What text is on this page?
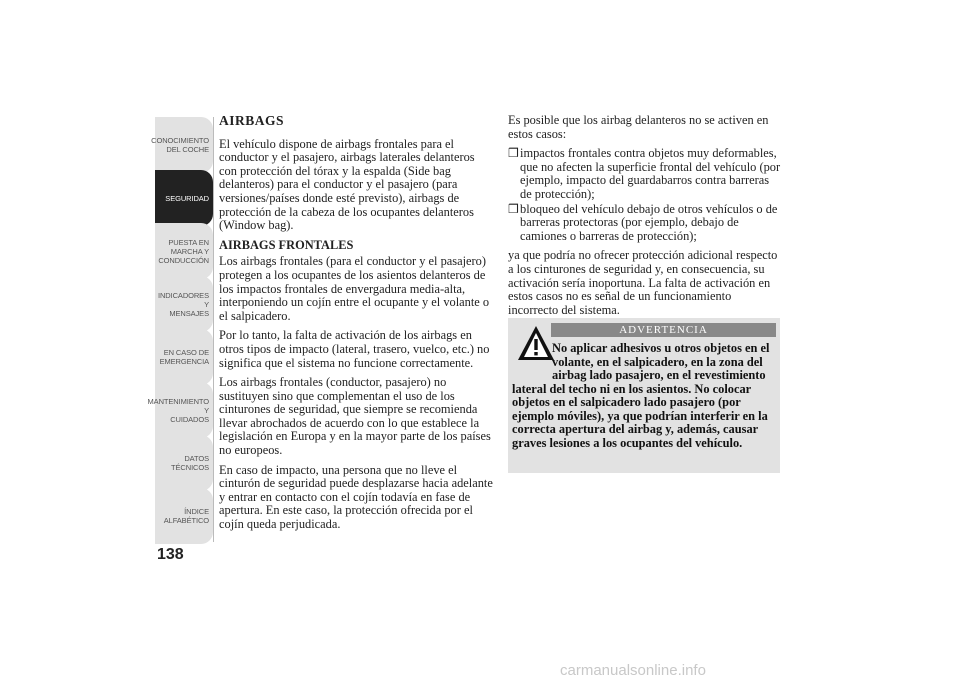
CONOCIMIENTO
DEL COCHE
SEGURIDAD
PUESTA EN
MARCHA Y
CONDUCCIÓN
INDICADORES Y
MENSAJES
EN CASO DE
EMERGENCIA
MANTENIMIENTO Y
CUIDADOS
DATOS TÉCNICOS
ÍNDICE
ALFABÉTICO
138
AIRBAGS

El vehículo dispone de airbags frontales para el conductor y el pasajero, airbags laterales delanteros con protección del tórax y la espalda (Side bag delanteros) para el conductor y el pasajero (para versiones/países donde esté previsto), airbags de protección de la cabeza de los ocupantes delanteros (Window bag).

AIRBAGS FRONTALES

Los airbags frontales (para el conductor y el pasajero) protegen a los ocupantes de los asientos delanteros de los impactos frontales de envergadura media-alta, interponiendo un cojín entre el ocupante y el volante o el salpicadero.

Por lo tanto, la falta de activación de los airbags en otros tipos de impacto (lateral, trasero, vuelco, etc.) no significa que el sistema no funcione correctamente.

Los airbags frontales (conductor, pasajero) no sustituyen sino que complementan el uso de los cinturones de seguridad, que siempre se recomienda llevar abrochados de acuerdo con lo que establece la legislación en Europa y en la mayor parte de los países no europeos.

En caso de impacto, una persona que no lleve el cinturón de seguridad puede desplazarse hacia adelante y entrar en contacto con el cojín todavía en fase de apertura. En este caso, la protección ofrecida por el cojín queda perjudicada.

Es posible que los airbag delanteros no se activen en estos casos:

❒ impactos frontales contra objetos muy deformables, que no afecten la superficie frontal del vehículo (por ejemplo, impacto del guardabarros contra barreras de protección);
❒ bloqueo del vehículo debajo de otros vehículos o de barreras protectoras (por ejemplo, debajo de camiones o barreras de protección);

ya que podría no ofrecer protección adicional respecto a los cinturones de seguridad y, en consecuencia, su activación sería inoportuna. La falta de activación en estos casos no es señal de un funcionamiento incorrecto del sistema.

ADVERTENCIA
No aplicar adhesivos u otros objetos en el volante, en el salpicadero, en la zona del airbag lado pasajero, en el revestimiento lateral del techo ni en los asientos. No colocar objetos en el salpicadero lado pasajero (por ejemplo móviles), ya que podrían interferir en la correcta apertura del airbag y, además, causar graves lesiones a los ocupantes del vehículo.
carmanualsonline.info
